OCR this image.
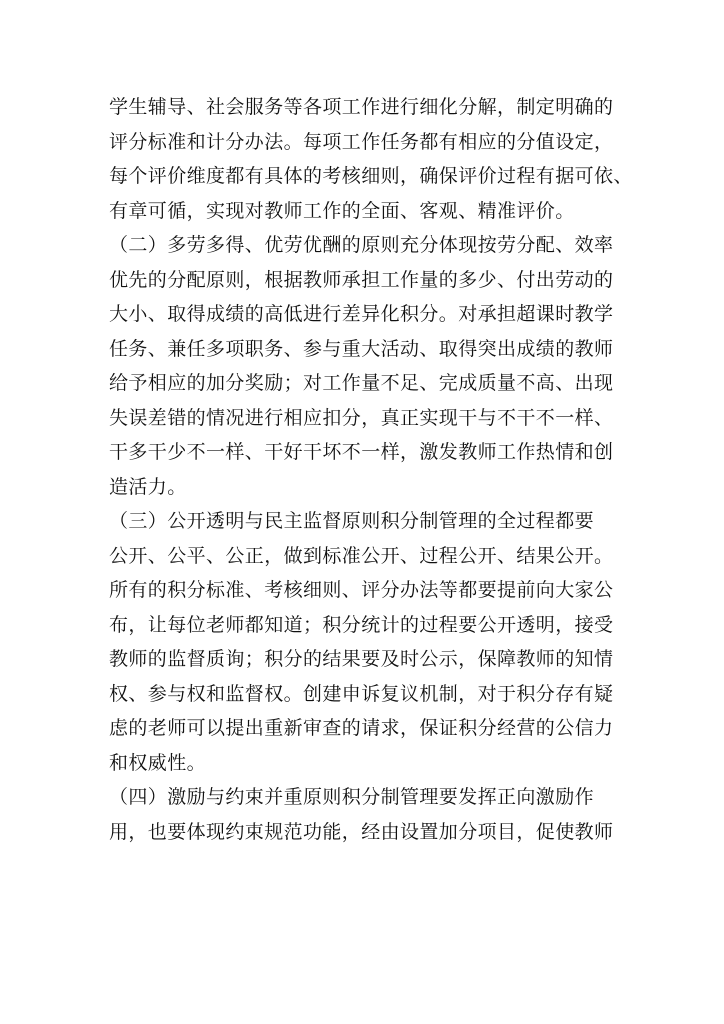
学生辅导、社会服务等各项工作进行细化分解，制定明确的
评分标准和计分办法。每项工作任务都有相应的分值设定，
每个评价维度都有具体的考核细则，确保评价过程有据可依、
有章可循，实现对教师工作的全面、客观、精准评价。
（二）多劳多得、优劳优酬的原则充分体现按劳分配、效率
优先的分配原则，根据教师承担工作量的多少、付出劳动的
大小、取得成绩的高低进行差异化积分。对承担超课时教学
任务、兼任多项职务、参与重大活动、取得突出成绩的教师
给予相应的加分奖励；对工作量不足、完成质量不高、出现
失误差错的情况进行相应扣分，真正实现干与不干不一样、
干多干少不一样、干好干坏不一样，激发教师工作热情和创
造活力。
（三）公开透明与民主监督原则积分制管理的全过程都要
公开、公平、公正，做到标准公开、过程公开、结果公开。
所有的积分标准、考核细则、评分办法等都要提前向大家公
布，让每位老师都知道；积分统计的过程要公开透明，接受
教师的监督质询；积分的结果要及时公示，保障教师的知情
权、参与权和监督权。创建申诉复议机制，对于积分存有疑
虑的老师可以提出重新审查的请求，保证积分经营的公信力
和权威性。
（四）激励与约束并重原则积分制管理要发挥正向激励作
用，也要体现约束规范功能，经由设置加分项目，促使教师
